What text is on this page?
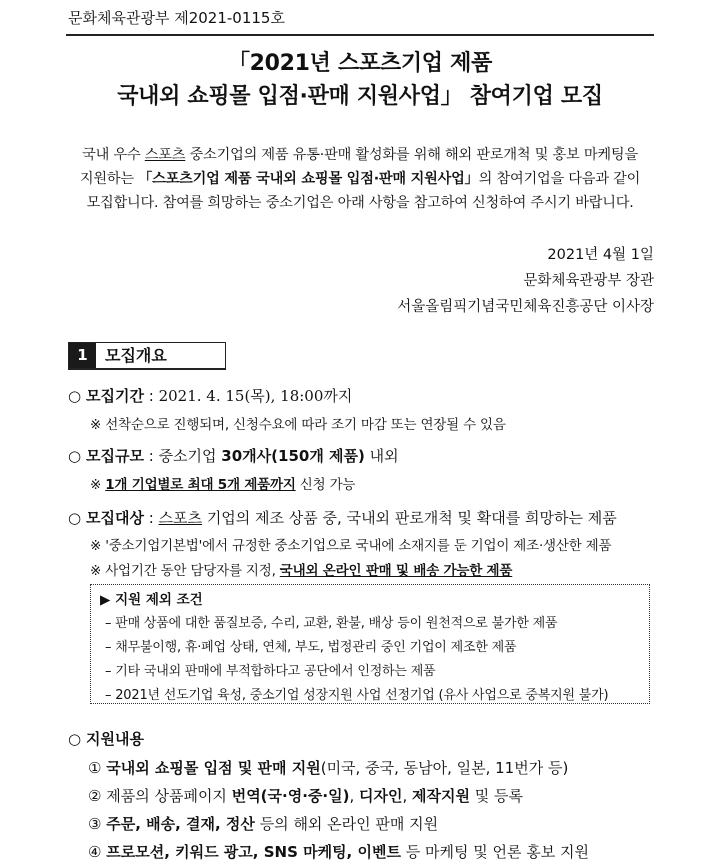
문화체육관광부 제2021-0115호
「2021년 스포츠기업 제품
국내외 쇼핑몰 입점·판매 지원사업」 참여기업 모집
국내 우수 스포츠 중소기업의 제품 유통·판매 활성화를 위해 해외 판로개척 및 홍보 마케팅을
지원하는 「스포츠기업 제품 국내외 쇼핑몰 입점·판매 지원사업」의 참여기업을 다음과 같이
모집합니다. 참여를 희망하는 중소기업은 아래 사항을 참고하여 신청하여 주시기 바랍니다.
2021년 4월 1일
문화체육관광부 장관
서울올림픽기념국민체육진흥공단 이사장
1	모집개요
○ 모집기간 : 2021. 4. 15(목), 18:00까지
※ 선착순으로 진행되며, 신청수요에 따라 조기 마감 또는 연장될 수 있음
○ 모집규모 : 중소기업 30개사(150개 제품) 내외
※ 1개 기업별로 최대 5개 제품까지 신청 가능
○ 모집대상 : 스포츠 기업의 제조 상품 중, 국내외 판로개척 및 확대를 희망하는 제품
※ '중소기업기본법'에서 규정한 중소기업으로 국내에 소재지를 둔 기업이 제조·생산한 제품
※ 사업기간 동안 담당자를 지정, 국내외 온라인 판매 및 배송 가능한 제품
▶ 지원 제외 조건
– 판매 상품에 대한 품질보증, 수리, 교환, 환불, 배상 등이 원천적으로 불가한 제품
– 채무불이행, 휴·폐업 상태, 연체, 부도, 법정관리 중인 기업이 제조한 제품
– 기타 국내외 판매에 부적합하다고 공단에서 인정하는 제품
– 2021년 선도기업 육성, 중소기업 성장지원 사업 선정기업 (유사 사업으로 중복지원 불가)
○ 지원내용
① 국내외 쇼핑몰 입점 및 판매 지원(미국, 중국, 동남아, 일본, 11번가 등)
② 제품의 상품페이지 번역(국·영·중·일), 디자인, 제작지원 및 등록
③ 주문, 배송, 결재, 정산 등의 해외 온라인 판매 지원
④ 프로모션, 키워드 광고, SNS 마케팅, 이벤트 등 마케팅 및 언론 홍보 지원
